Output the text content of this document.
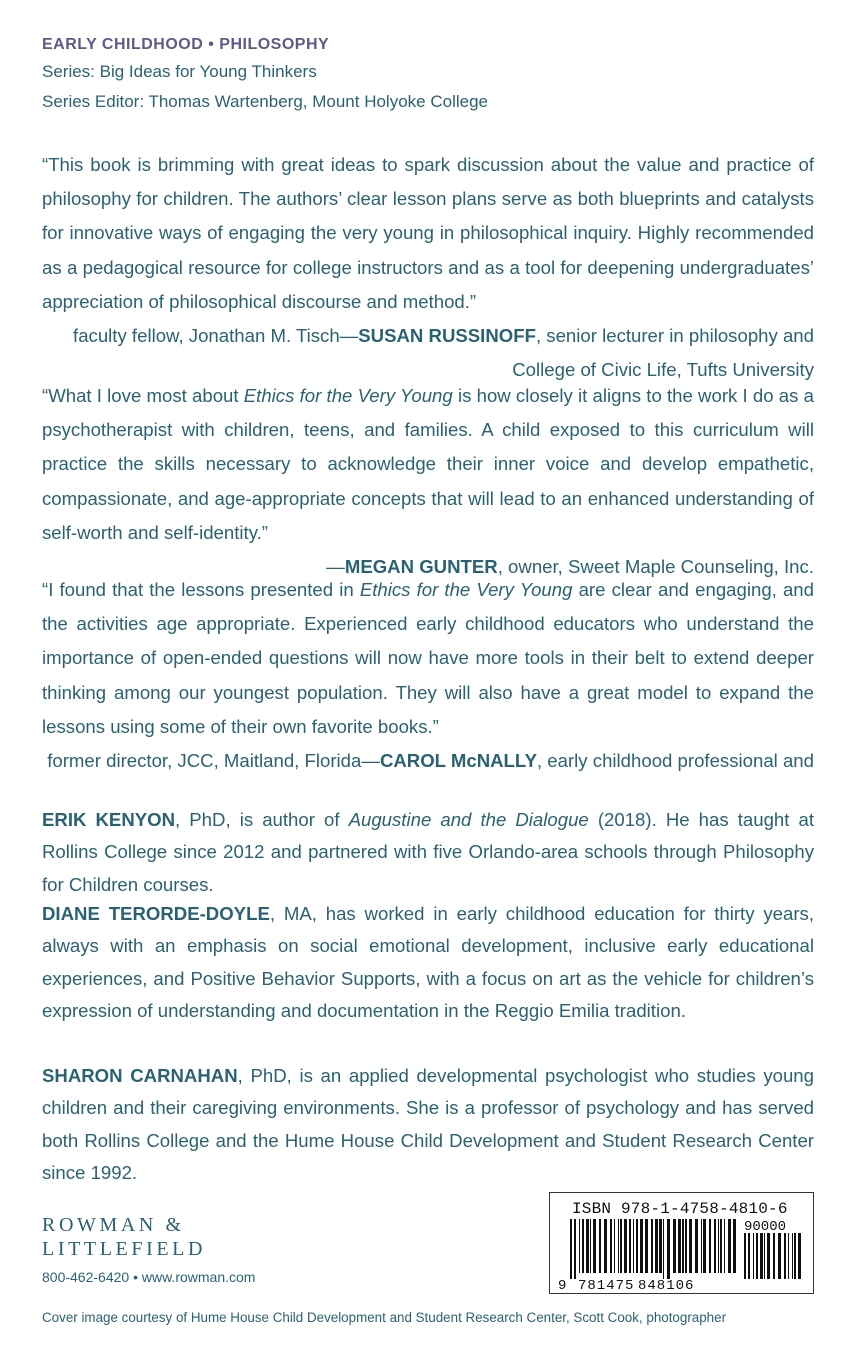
EARLY CHILDHOOD • PHILOSOPHY
Series: Big Ideas for Young Thinkers
Series Editor: Thomas Wartenberg, Mount Holyoke College

“This book is brimming with great ideas to spark discussion about the value and practice of philosophy for children. The authors’ clear lesson plans serve as both blueprints and catalysts for innovative ways of engaging the very young in philosophical inquiry. Highly recommended as a pedagogical resource for college instructors and as a tool for deepening undergraduates’ appreciation of philosophical discourse and method.”
—SUSAN RUSSINOFF, senior lecturer in philosophy and

faculty fellow, Jonathan M. Tisch College of Civic Life, Tufts University

“What I love most about Ethics for the Very Young is how closely it aligns to the work I do as a psychotherapist with children, teens, and families. A child exposed to this curriculum will practice the skills necessary to acknowledge their inner voice and develop empathetic, compassionate, and age-appropriate concepts that will lead to an enhanced understanding of self-worth and self-identity.”

—MEGAN GUNTER, owner, Sweet Maple Counseling, Inc.

“I found that the lessons presented in Ethics for the Very Young are clear and engaging, and the activities age appropriate. Experienced early childhood educators who understand the importance of open-ended questions will now have more tools in their belt to extend deeper thinking among our youngest population. They will also have a great model to expand the lessons using some of their own favorite books.”
—CAROL McNALLY, early childhood professional and

former director, JCC, Maitland, Florida
ERIK KENYON, PhD, is author of Augustine and the Dialogue (2018). He has taught at Rollins College since 2012 and partnered with five Orlando-area schools through Philosophy for Children courses.
DIANE TERORDE-DOYLE, MA, has worked in early childhood education for thirty years, always with an emphasis on social emotional development, inclusive early educational experiences, and Positive Behavior Supports, with a focus on art as the vehicle for children’s expression of understanding and documentation in the Reggio Emilia tradition.
SHARON CARNAHAN, PhD, is an applied developmental psychologist who studies young children and their caregiving environments. She is a professor of psychology and has served both Rollins College and the Hume House Child Development and Student Research Center since 1992.
ROWMAN &
LITTLEFIELD
800-462-6420 • www.rowman.com
ISBN 978-1-4758-4810-6
9 781475 848106
90000
Cover image courtesy of Hume House Child Development and Student Research Center, Scott Cook, photographer
